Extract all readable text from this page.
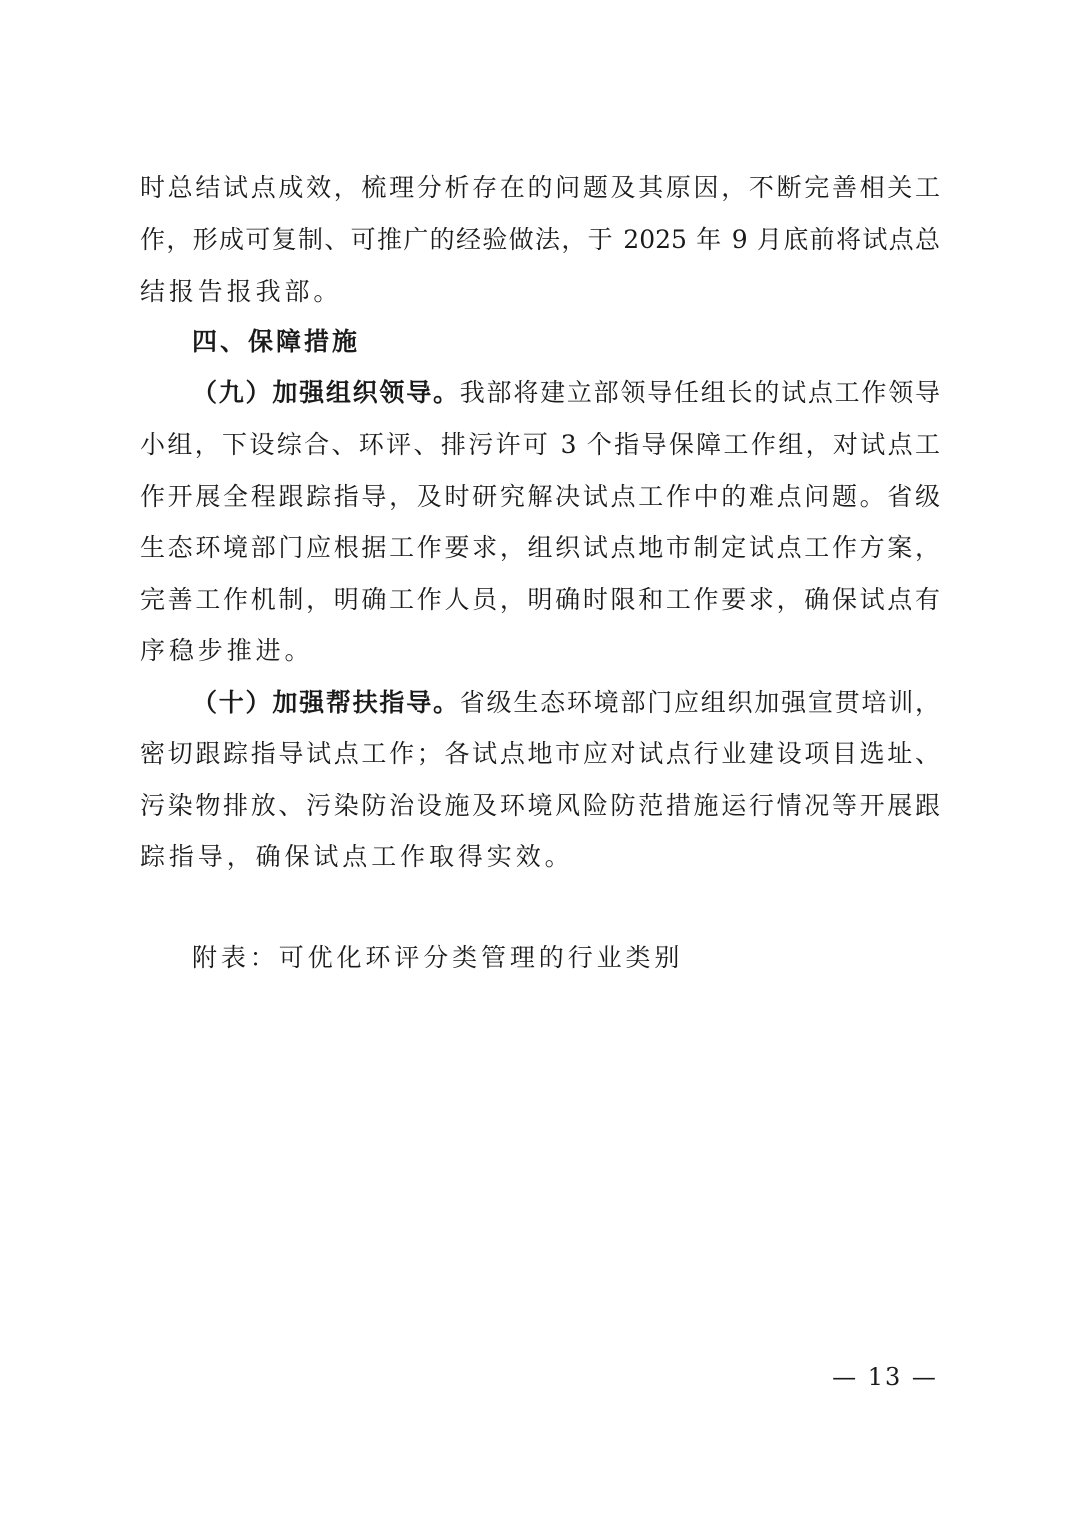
时总结试点成效，梳理分析存在的问题及其原因，不断完善相关工
作，形成可复制、可推广的经验做法，于 2025 年 9 月底前将试点总
结报告报我部。
四、保障措施
（九）加强组织领导。我部将建立部领导任组长的试点工作领导
小组，下设综合、环评、排污许可 3 个指导保障工作组，对试点工
作开展全程跟踪指导，及时研究解决试点工作中的难点问题。省级
生态环境部门应根据工作要求，组织试点地市制定试点工作方案，
完善工作机制，明确工作人员，明确时限和工作要求，确保试点有
序稳步推进。
（十）加强帮扶指导。省级生态环境部门应组织加强宣贯培训，
密切跟踪指导试点工作；各试点地市应对试点行业建设项目选址、
污染物排放、污染防治设施及环境风险防范措施运行情况等开展跟
踪指导，确保试点工作取得实效。
附表：可优化环评分类管理的行业类别
— 13 —
